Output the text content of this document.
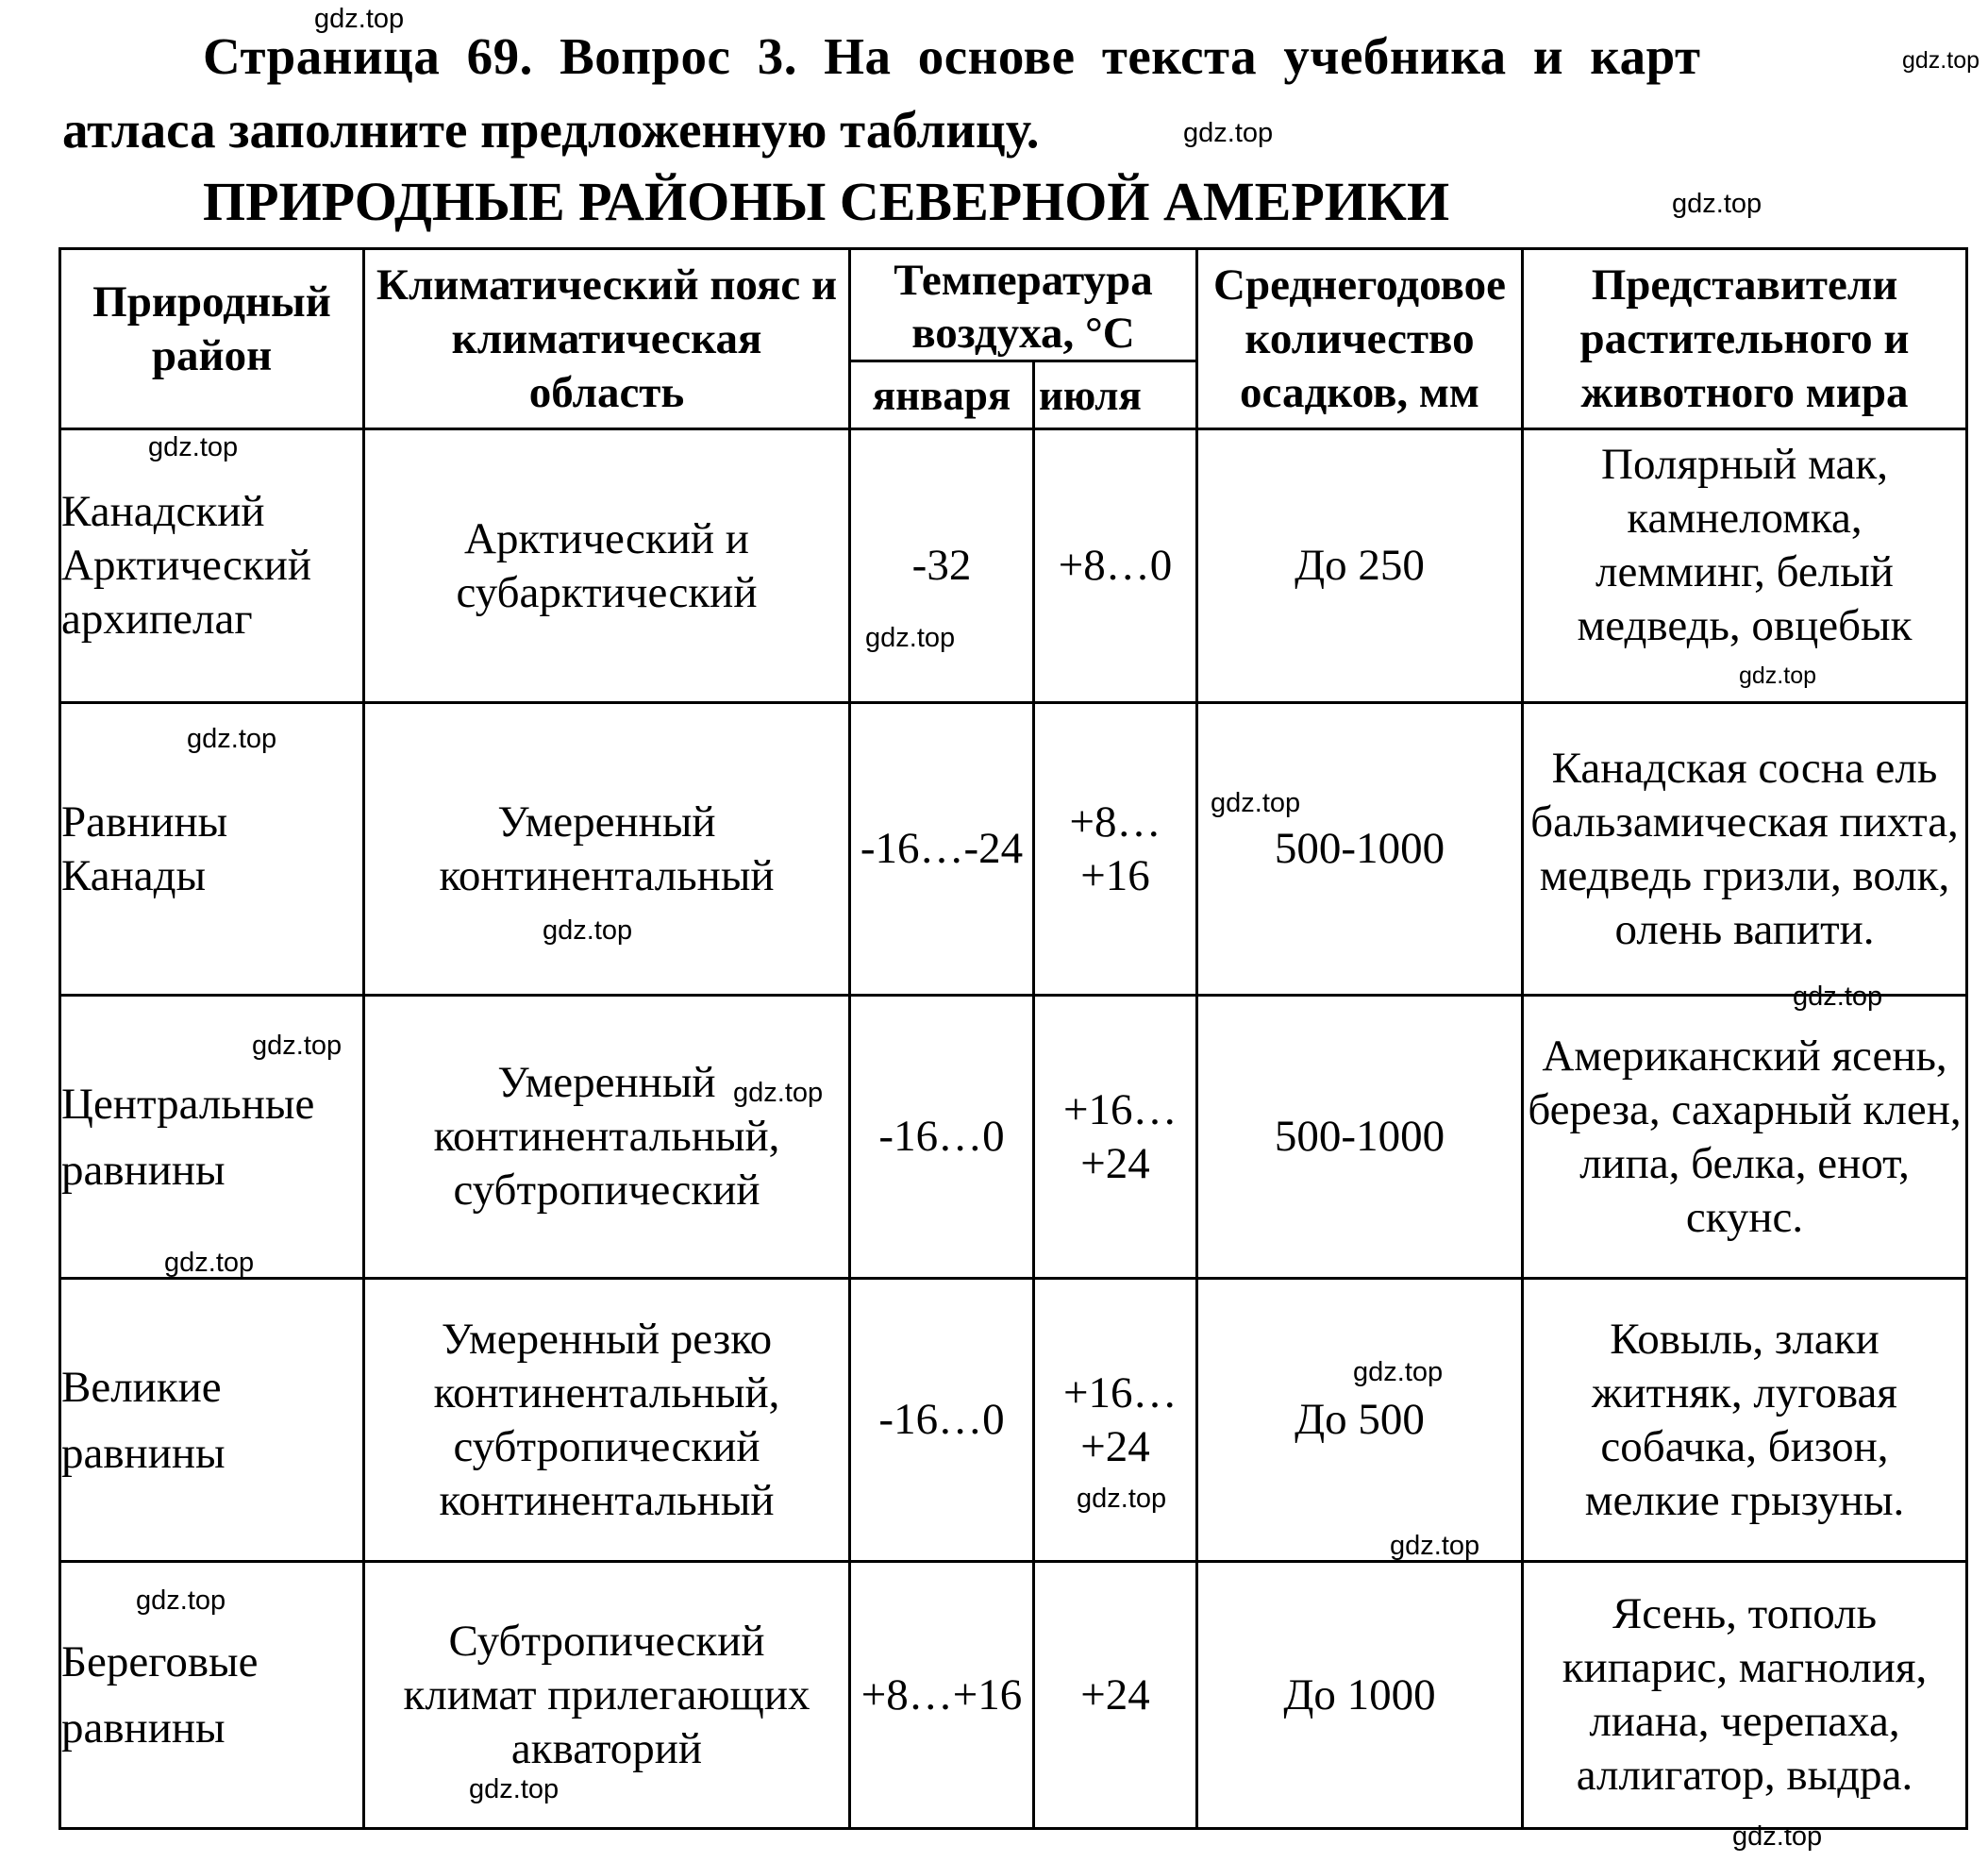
Страница 69. Вопрос 3. На основе текста учебника и карт
атласа заполните предложенную таблицу.
ПРИРОДНЫЕ РАЙОНЫ СЕВЕРНОЙ АМЕРИКИ
Природный район	Климатический пояс и климатическая область	Температура воздуха, °С		Среднегодовое количество осадков, мм	Представители растительного и животного мира
		января	июля		
Канадский Арктический архипелаг	Арктический и субарктический	-32	+8…0	До 250	Полярный мак, камнеломка, лемминг, белый медведь, овцебык
Равнины Канады	Умеренный континентальный	-16…-24	+8… +16	500-1000	Канадская сосна ель бальзамическая пихта, медведь гризли, волк, олень вапити.
Центральные равнины	Умеренный континентальный, субтропический	-16…0	+16… +24	500-1000	Американский ясень, береза, сахарный клен, липа, белка, енот, скунс.
Великие равнины	Умеренный резко континентальный, субтропический континентальный	-16…0	+16… +24	До 500	Ковыль, злаки житняк, луговая собачка, бизон, мелкие грызуны.
Береговые равнины	Субтропический климат прилегающих акваторий	+8…+16	+24	До 1000	Ясень, тополь кипарис, магнолия, лиана, черепаха, аллигатор, выдра.
gdz.top
gdz.top
gdz.top
gdz.top
gdz.top
gdz.top
gdz.top
gdz.top
gdz.top
gdz.top
gdz.top
gdz.top
gdz.top
gdz.top
gdz.top
gdz.top
gdz.top
gdz.top
gdz.top
gdz.top
